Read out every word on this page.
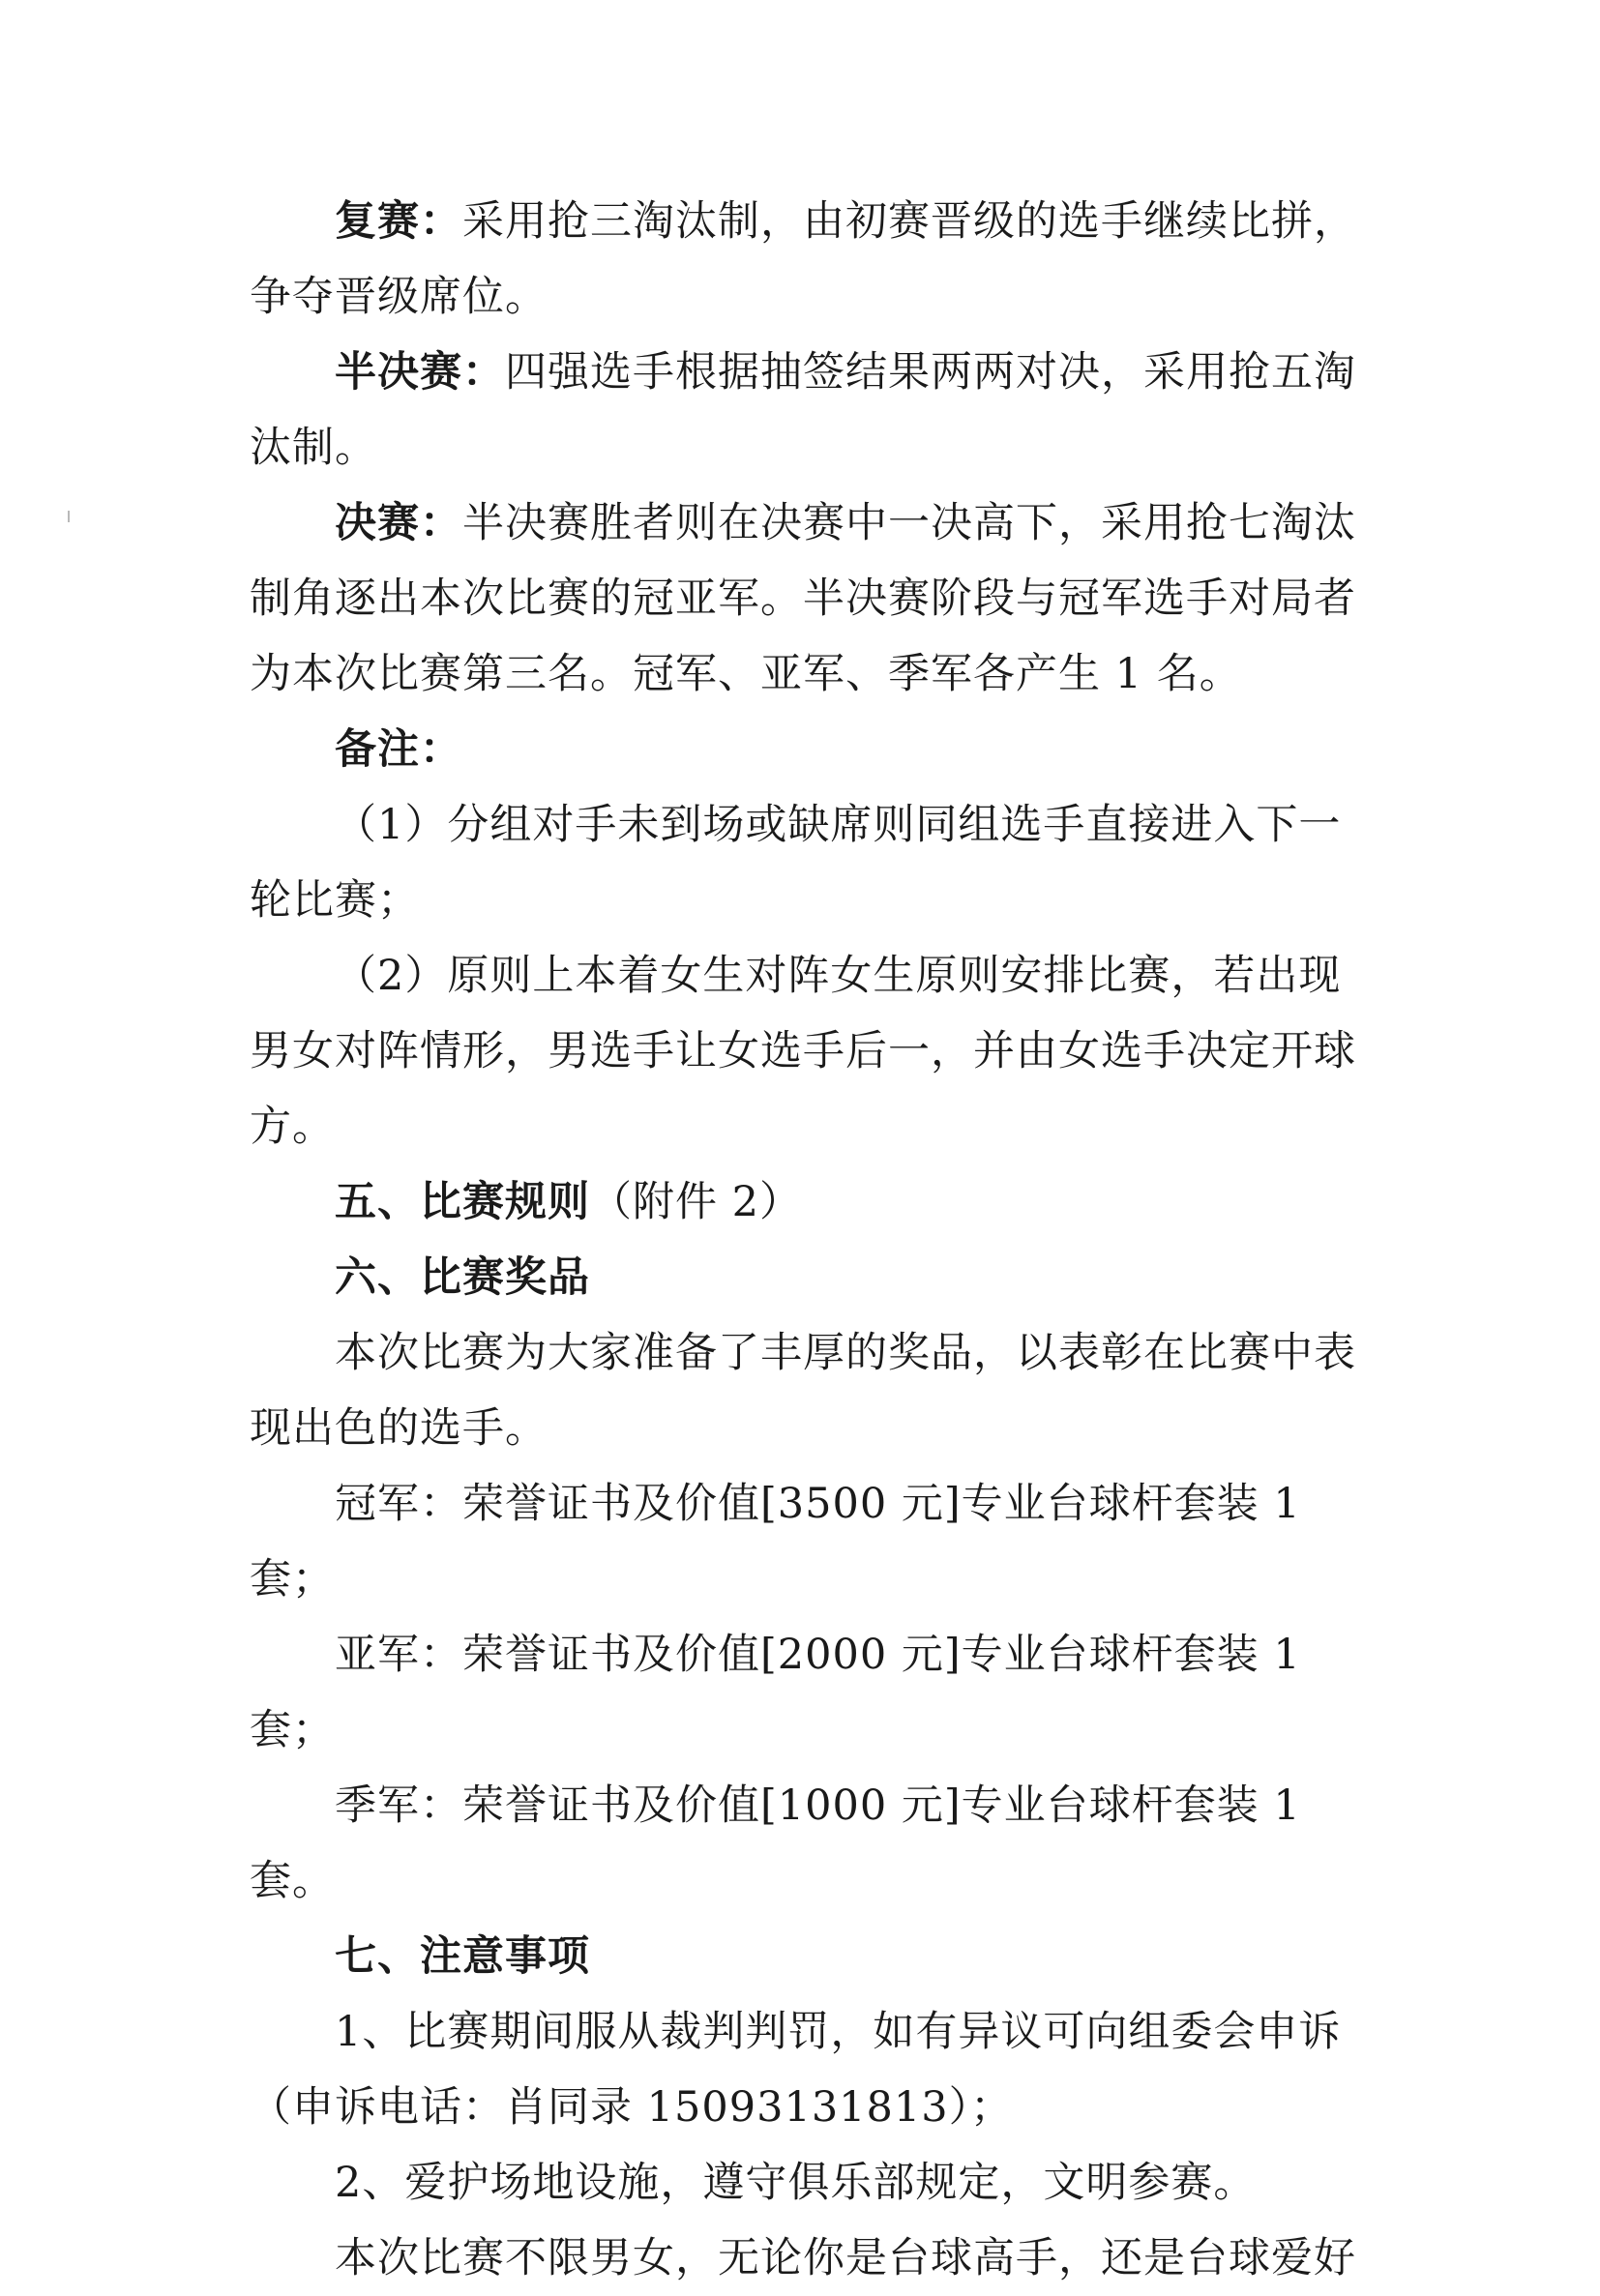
复赛：采用抢三淘汰制，由初赛晋级的选手继续比拼，争夺晋级席位。

半决赛：四强选手根据抽签结果两两对决，采用抢五淘汰制。

决赛：半决赛胜者则在决赛中一决高下，采用抢七淘汰制角逐出本次比赛的冠亚军。半决赛阶段与冠军选手对局者为本次比赛第三名。冠军、亚军、季军各产生 1 名。

备注：

（1）分组对手未到场或缺席则同组选手直接进入下一轮比赛；

（2）原则上本着女生对阵女生原则安排比赛，若出现男女对阵情形，男选手让女选手后一，并由女选手决定开球方。

五、比赛规则（附件 2）

六、比赛奖品

本次比赛为大家准备了丰厚的奖品，以表彰在比赛中表现出色的选手。

冠军：荣誉证书及价值[3500 元]专业台球杆套装 1 套；

亚军：荣誉证书及价值[2000 元]专业台球杆套装 1 套；

季军：荣誉证书及价值[1000 元]专业台球杆套装 1 套。

七、注意事项

1、比赛期间服从裁判判罚，如有异议可向组委会申诉（申诉电话：肖同录 15093131813）；

2、爱护场地设施，遵守俱乐部规定，文明参赛。

本次比赛不限男女，无论你是台球高手，还是台球爱好
